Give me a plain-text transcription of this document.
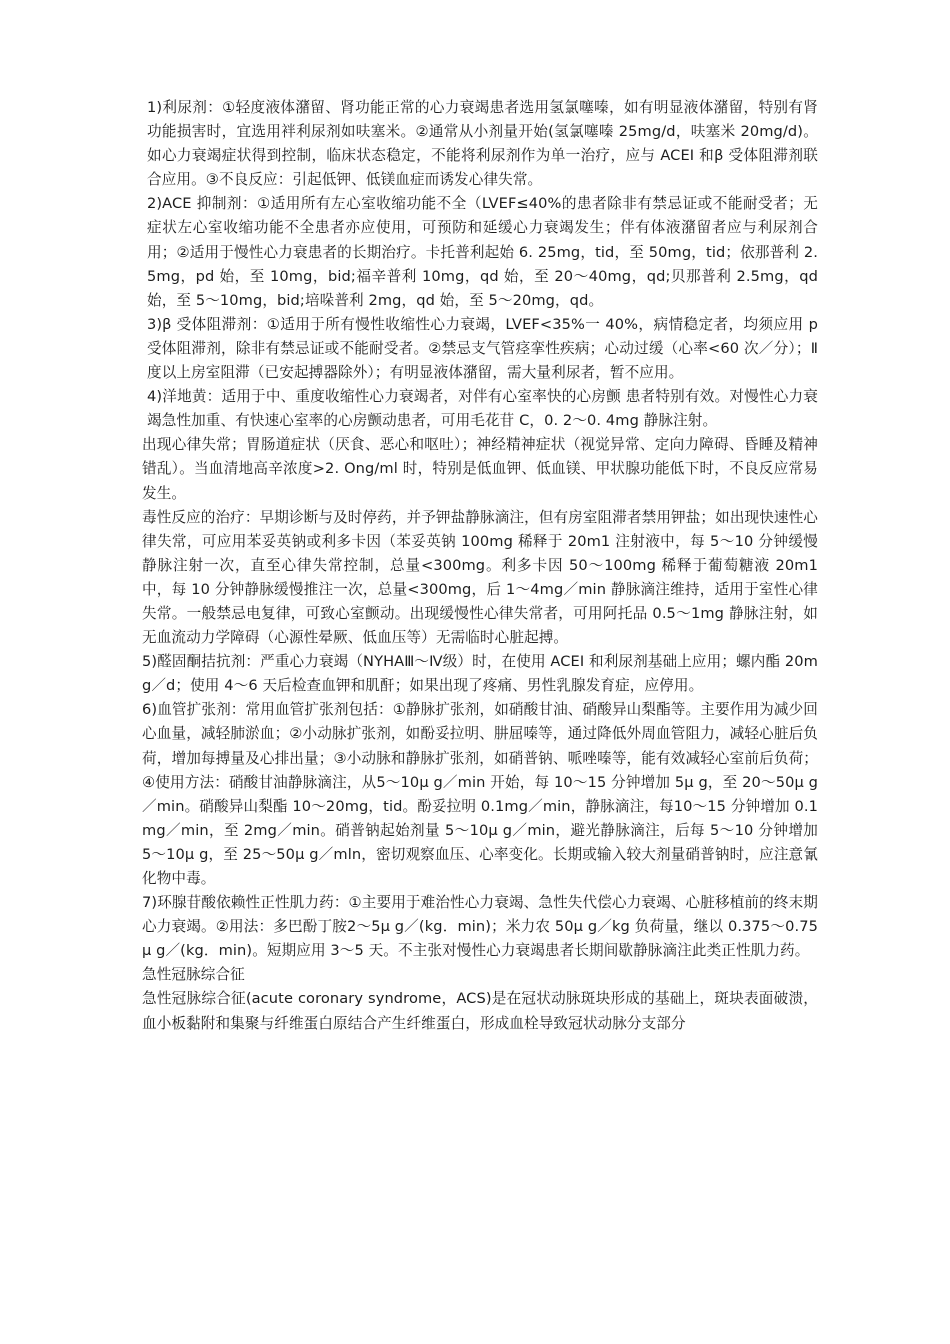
1)利尿剂：①轻度液体潴留、肾功能正常的心力衰竭患者选用氢氯噻嗪，如有明显液体潴留，特别有肾功能损害时，宜选用袢利尿剂如呋塞米。②通常从小剂量开始(氢氯噻嗪 25mg/d，呋塞米 20mg/d)。如心力衰竭症状得到控制，临床状态稳定，不能将利尿剂作为单一治疗，应与 ACEI 和β 受体阻滞剂联合应用。③不良反应：引起低钾、低镁血症而诱发心律失常。

2)ACE 抑制剂：①适用所有左心室收缩功能不全（LVEF≤40%的患者除非有禁忌证或不能耐受者；无症状左心室收缩功能不全患者亦应使用，可预防和延缓心力衰竭发生；伴有体液潴留者应与利尿剂合用；②适用于慢性心力衰患者的长期治疗。卡托普利起始 6. 25mg，tid，至 50mg，tid；依那普利 2.5mg，pd 始，至 10mg，bid;福辛普利 10mg，qd 始，至 20～40mg，qd;贝那普利 2.5mg，qd 始，至 5～10mg，bid;培哚普利 2mg，qd 始，至 5～20mg，qd。

3)β 受体阻滞剂：①适用于所有慢性收缩性心力衰竭，LVEF<35%一 40%，病情稳定者，均须应用 p 受体阻滞剂，除非有禁忌证或不能耐受者。②禁忌支气管痉挛性疾病；心动过缓（心率<60 次／分）；Ⅱ度以上房室阻滞（已安起搏器除外）；有明显液体潴留，需大量利尿者，暂不应用。

4)洋地黄：适用于中、重度收缩性心力衰竭者，对伴有心室率快的心房颤 患者特别有效。对慢性心力衰竭急性加重、有快速心室率的心房颤动患者，可用毛花苷 C，0. 2～0. 4mg 静脉注射。

出现心律失常；胃肠道症状（厌食、恶心和呕吐）；神经精神症状（视觉异常、定向力障碍、昏睡及精神错乱）。当血清地高辛浓度>2. Ong/ml 时，特别是低血钾、低血镁、甲状腺功能低下时，不良反应常易发生。

毒性反应的治疗：早期诊断与及时停药，并予钾盐静脉滴注，但有房室阻滞者禁用钾盐；如出现快速性心律失常，可应用苯妥英钠或利多卡因（苯妥英钠 100mg 稀释于 20m1 注射液中，每 5～10 分钟缓慢静脉注射一次，直至心律失常控制，总量<300mg。利多卡因 50～100mg 稀释于葡萄糖液 20m1 中，每 10 分钟静脉缓慢推注一次，总量<300mg，后 1～4mg／min 静脉滴注维持，适用于室性心律失常。一般禁忌电复律，可致心室颤动。出现缓慢性心律失常者，可用阿托品 0.5～1mg 静脉注射，如无血流动力学障碍（心源性晕厥、低血压等）无需临时心脏起搏。

5)醛固酮拮抗剂：严重心力衰竭（NYHAⅢ～Ⅳ级）时，在使用 ACEI 和利尿剂基础上应用；螺内酯 20mg／d；使用 4～6 天后检查血钾和肌酐；如果出现了疼痛、男性乳腺发育症，应停用。

6)血管扩张剂：常用血管扩张剂包括：①静脉扩张剂，如硝酸甘油、硝酸异山梨酯等。主要作用为减少回心血量，减轻肺淤血；②小动脉扩张剂，如酚妥拉明、肼屈嗪等，通过降低外周血管阻力，减轻心脏后负荷，增加每搏量及心排出量；③小动脉和静脉扩张剂，如硝普钠、哌唑嗪等，能有效减轻心室前后负荷；④使用方法：硝酸甘油静脉滴注，从5～10μ g／min 开始，每 10～15 分钟增加 5μ g，至 20～50μ g／min。硝酸异山梨酯 10～20mg，tid。酚妥拉明 0.1mg／min，静脉滴注，每10～15 分钟增加 0.1mg／min，至 2mg／min。硝普钠起始剂量 5～10μ g／min，避光静脉滴注，后每 5～10 分钟增加 5～10μ g，至 25～50μ g／mln，密切观察血压、心率变化。长期或输入较大剂量硝普钠时，应注意氰化物中毒。

7)环腺苷酸依赖性正性肌力药：①主要用于难治性心力衰竭、急性失代偿心力衰竭、心脏移植前的终末期心力衰竭。②用法：多巴酚丁胺2～5μ g／(kg．min)；米力农 50μ g／kg 负荷量，继以 0.375～0.75μ g／(kg．min)。短期应用 3～5 天。不主张对慢性心力衰竭患者长期间歇静脉滴注此类正性肌力药。

急性冠脉综合征

急性冠脉综合征(acute coronary syndrome，ACS)是在冠状动脉斑块形成的基础上，斑块表面破溃，血小板黏附和集聚与纤维蛋白原结合产生纤维蛋白，形成血栓导致冠状动脉分支部分
